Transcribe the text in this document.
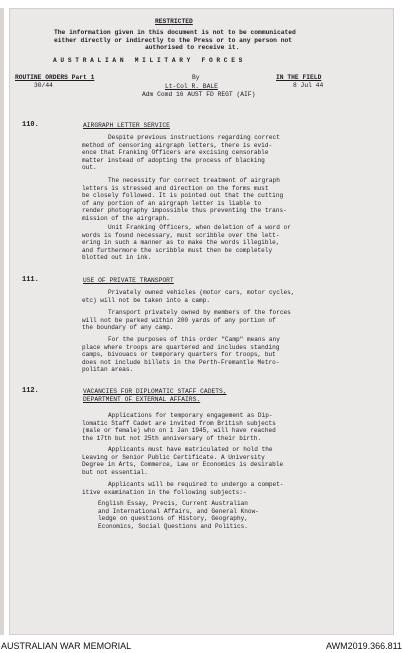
RESTRICTED
The information given in this document is not to be communicated
either directly or indirectly to the Press or to any person not
authorised to receive it.
A U S T R A L I A N   M I L I T A R Y   F O R C E S
ROUTINE ORDERS Part 1
30/44
By
Lt-Col R. BALE
Adm Comd 16 AUST FD REGT (AIF)
IN THE FIELD
8 Jul 44
110.	AIRGRAPH LETTER SERVICE
Despite previous instructions regarding correct
method of censoring airgraph letters, there is evid-
ence that Franking Officers are excising censorable
matter instead of adopting the process of blacking
out.
The necessity for correct treatment of airgraph
letters is stressed and direction on the forms must
be closely followed. It is pointed out that the cutting
of any portion of an airgraph letter is liable to
render photography impossible thus preventing the trans-
mission of the airgraph.
Unit Franking Officers, when deletion of a word or
words is found necessary, must scribble over the lett-
ering in such a manner as to make the words illegible,
and furthermore the scribble must then be completely
blotted out in ink.
111.	USE OF PRIVATE TRANSPORT
Privately owned vehicles (motor cars, motor cycles,
etc) will not be taken into a camp.
Transport privately owned by members of the forces
will not be parked within 200 yards of any portion of
the boundary of any camp.
For the purposes of this order "Camp" means any
place where troops are quartered and includes standing
camps, bivouacs or temporary quarters for troops, but
does not include billets in the Perth-Fremantle Metro-
politan areas.
112.	VACANCIES FOR DIPLOMATIC STAFF CADETS,
DEPARTMENT OF EXTERNAL AFFAIRS.
Applications for temporary engagement as Dip-
lomatic Staff Cadet are invited from British subjects
(male or female) who on 1 Jan 1945, will have reached
the 17th but not 25th anniversary of their birth.
Applicants must have matriculated or hold the
Leaving or Senior Public Certificate. A University
Degree in Arts, Commerce, Law or Economics is desirable
but not essential.
Applicants will be required to undergo a compet-
itive examination in the following subjects:-
English Essay, Precis, Current Australian
and International Affairs, and General Know-
ledge on questions of History, Geography,
Economics, Social Questions and Politics.
AUSTRALIAN WAR MEMORIAL	AWM2019.366.811
